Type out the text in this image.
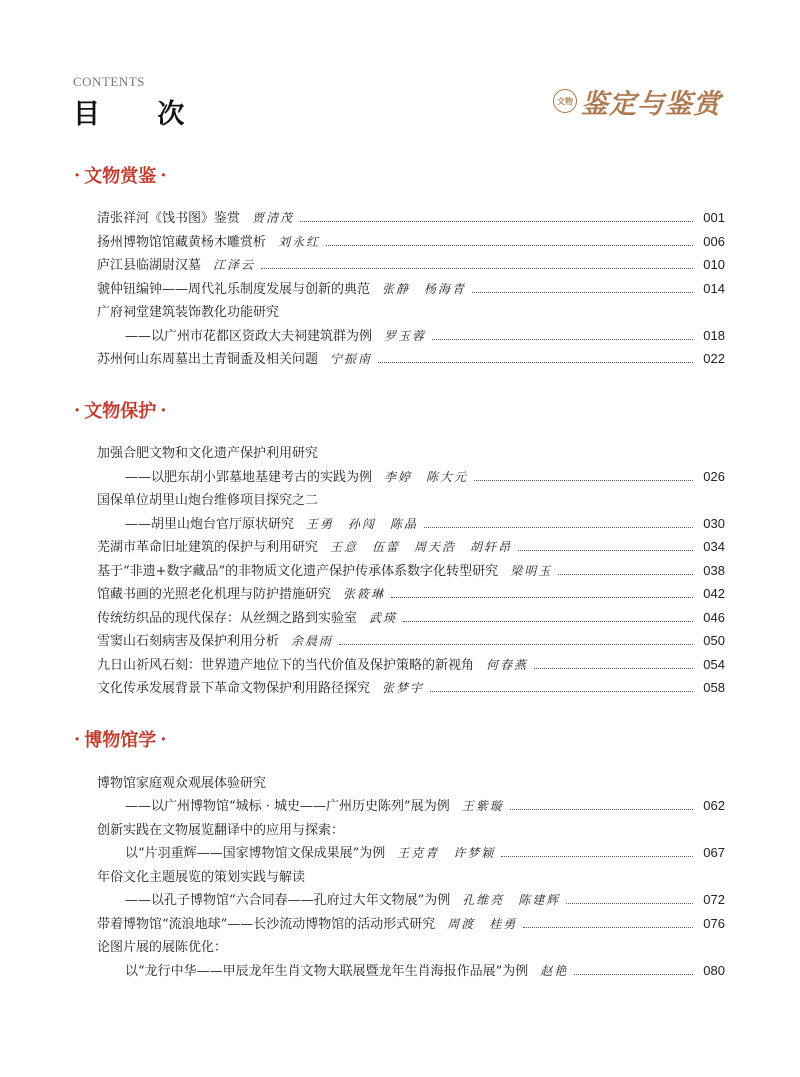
CONTENTS
目 次	文物 鉴定与鉴赏
· 文物赏鉴 ·
清张祥河《饯书图》鉴赏 贾清茂	001
扬州博物馆馆藏黄杨木雕赏析 刘永红	006
庐江县临湖尉汉墓 江泽云	010
虢仲钮编钟——周代礼乐制度发展与创新的典范 张静　杨海青	014
广府祠堂建筑装饰教化功能研究
——以广州市花都区资政大夫祠建筑群为例 罗玉蓉	018
苏州何山东周墓出土青铜盉及相关问题 宁振南	022
· 文物保护 ·
加强合肥文物和文化遗产保护利用研究
——以肥东胡小郢墓地基建考古的实践为例 李婷　陈大元	026
国保单位胡里山炮台维修项目探究之二
——胡里山炮台官厅原状研究 王勇　孙闯　陈晶	030
芜湖市革命旧址建筑的保护与利用研究 王意　伍蕾　周天浩　胡轩昂	034
基于“非遗+数字藏品”的非物质文化遗产保护传承体系数字化转型研究 梁明玉	038
馆藏书画的光照老化机理与防护措施研究 张筱琳	042
传统纺织品的现代保存：从丝绸之路到实验室 武瑛	046
雪窦山石刻病害及保护利用分析 余晨雨	050
九日山祈风石刻：世界遗产地位下的当代价值及保护策略的新视角 何春燕	054
文化传承发展背景下革命文物保护利用路径探究 张梦宇	058
· 博物馆学 ·
博物馆家庭观众观展体验研究
——以广州博物馆“城标 · 城史——广州历史陈列”展为例 王紫璇	062
创新实践在文物展览翻译中的应用与探索：
以“片羽重辉——国家博物馆文保成果展”为例 王克青　许梦颖	067
年俗文化主题展览的策划实践与解读
——以孔子博物馆“六合同春——孔府过大年文物展”为例 孔维亮　陈建辉	072
带着博物馆“流浪地球”——长沙流动博物馆的活动形式研究 周渡　桂勇	076
论图片展的展陈优化：
以“龙行中华——甲辰龙年生肖文物大联展暨龙年生肖海报作品展”为例 赵艳	080
